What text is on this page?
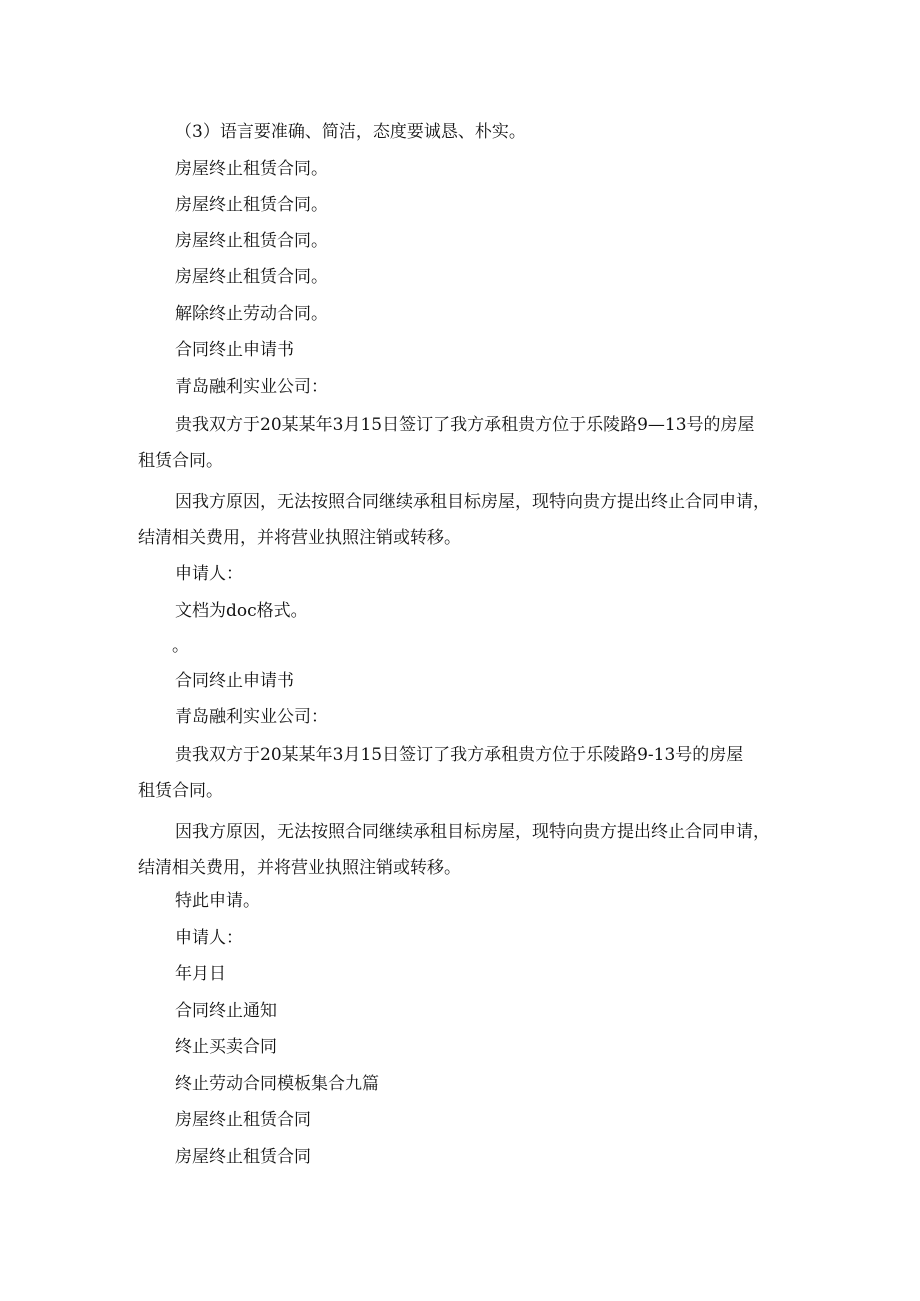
（3）语言要准确、简洁，态度要诚恳、朴实。

房屋终止租赁合同。

房屋终止租赁合同。

房屋终止租赁合同。

房屋终止租赁合同。

解除终止劳动合同。

合同终止申请书

青岛融利实业公司：

贵我双方于20某某年3月15日签订了我方承租贵方位于乐陵路9—13号的房屋
租赁合同。
因我方原因，无法按照合同继续承租目标房屋，现特向贵方提出终止合同申请，
结清相关费用，并将营业执照注销或转移。

申请人：

文档为doc格式。

。

合同终止申请书

青岛融利实业公司：

贵我双方于20某某年3月15日签订了我方承租贵方位于乐陵路9-13号的房屋
租赁合同。
因我方原因，无法按照合同继续承租目标房屋，现特向贵方提出终止合同申请，
结清相关费用，并将营业执照注销或转移。

特此申请。

申请人：

年月日

合同终止通知

终止买卖合同

终止劳动合同模板集合九篇

房屋终止租赁合同

房屋终止租赁合同
